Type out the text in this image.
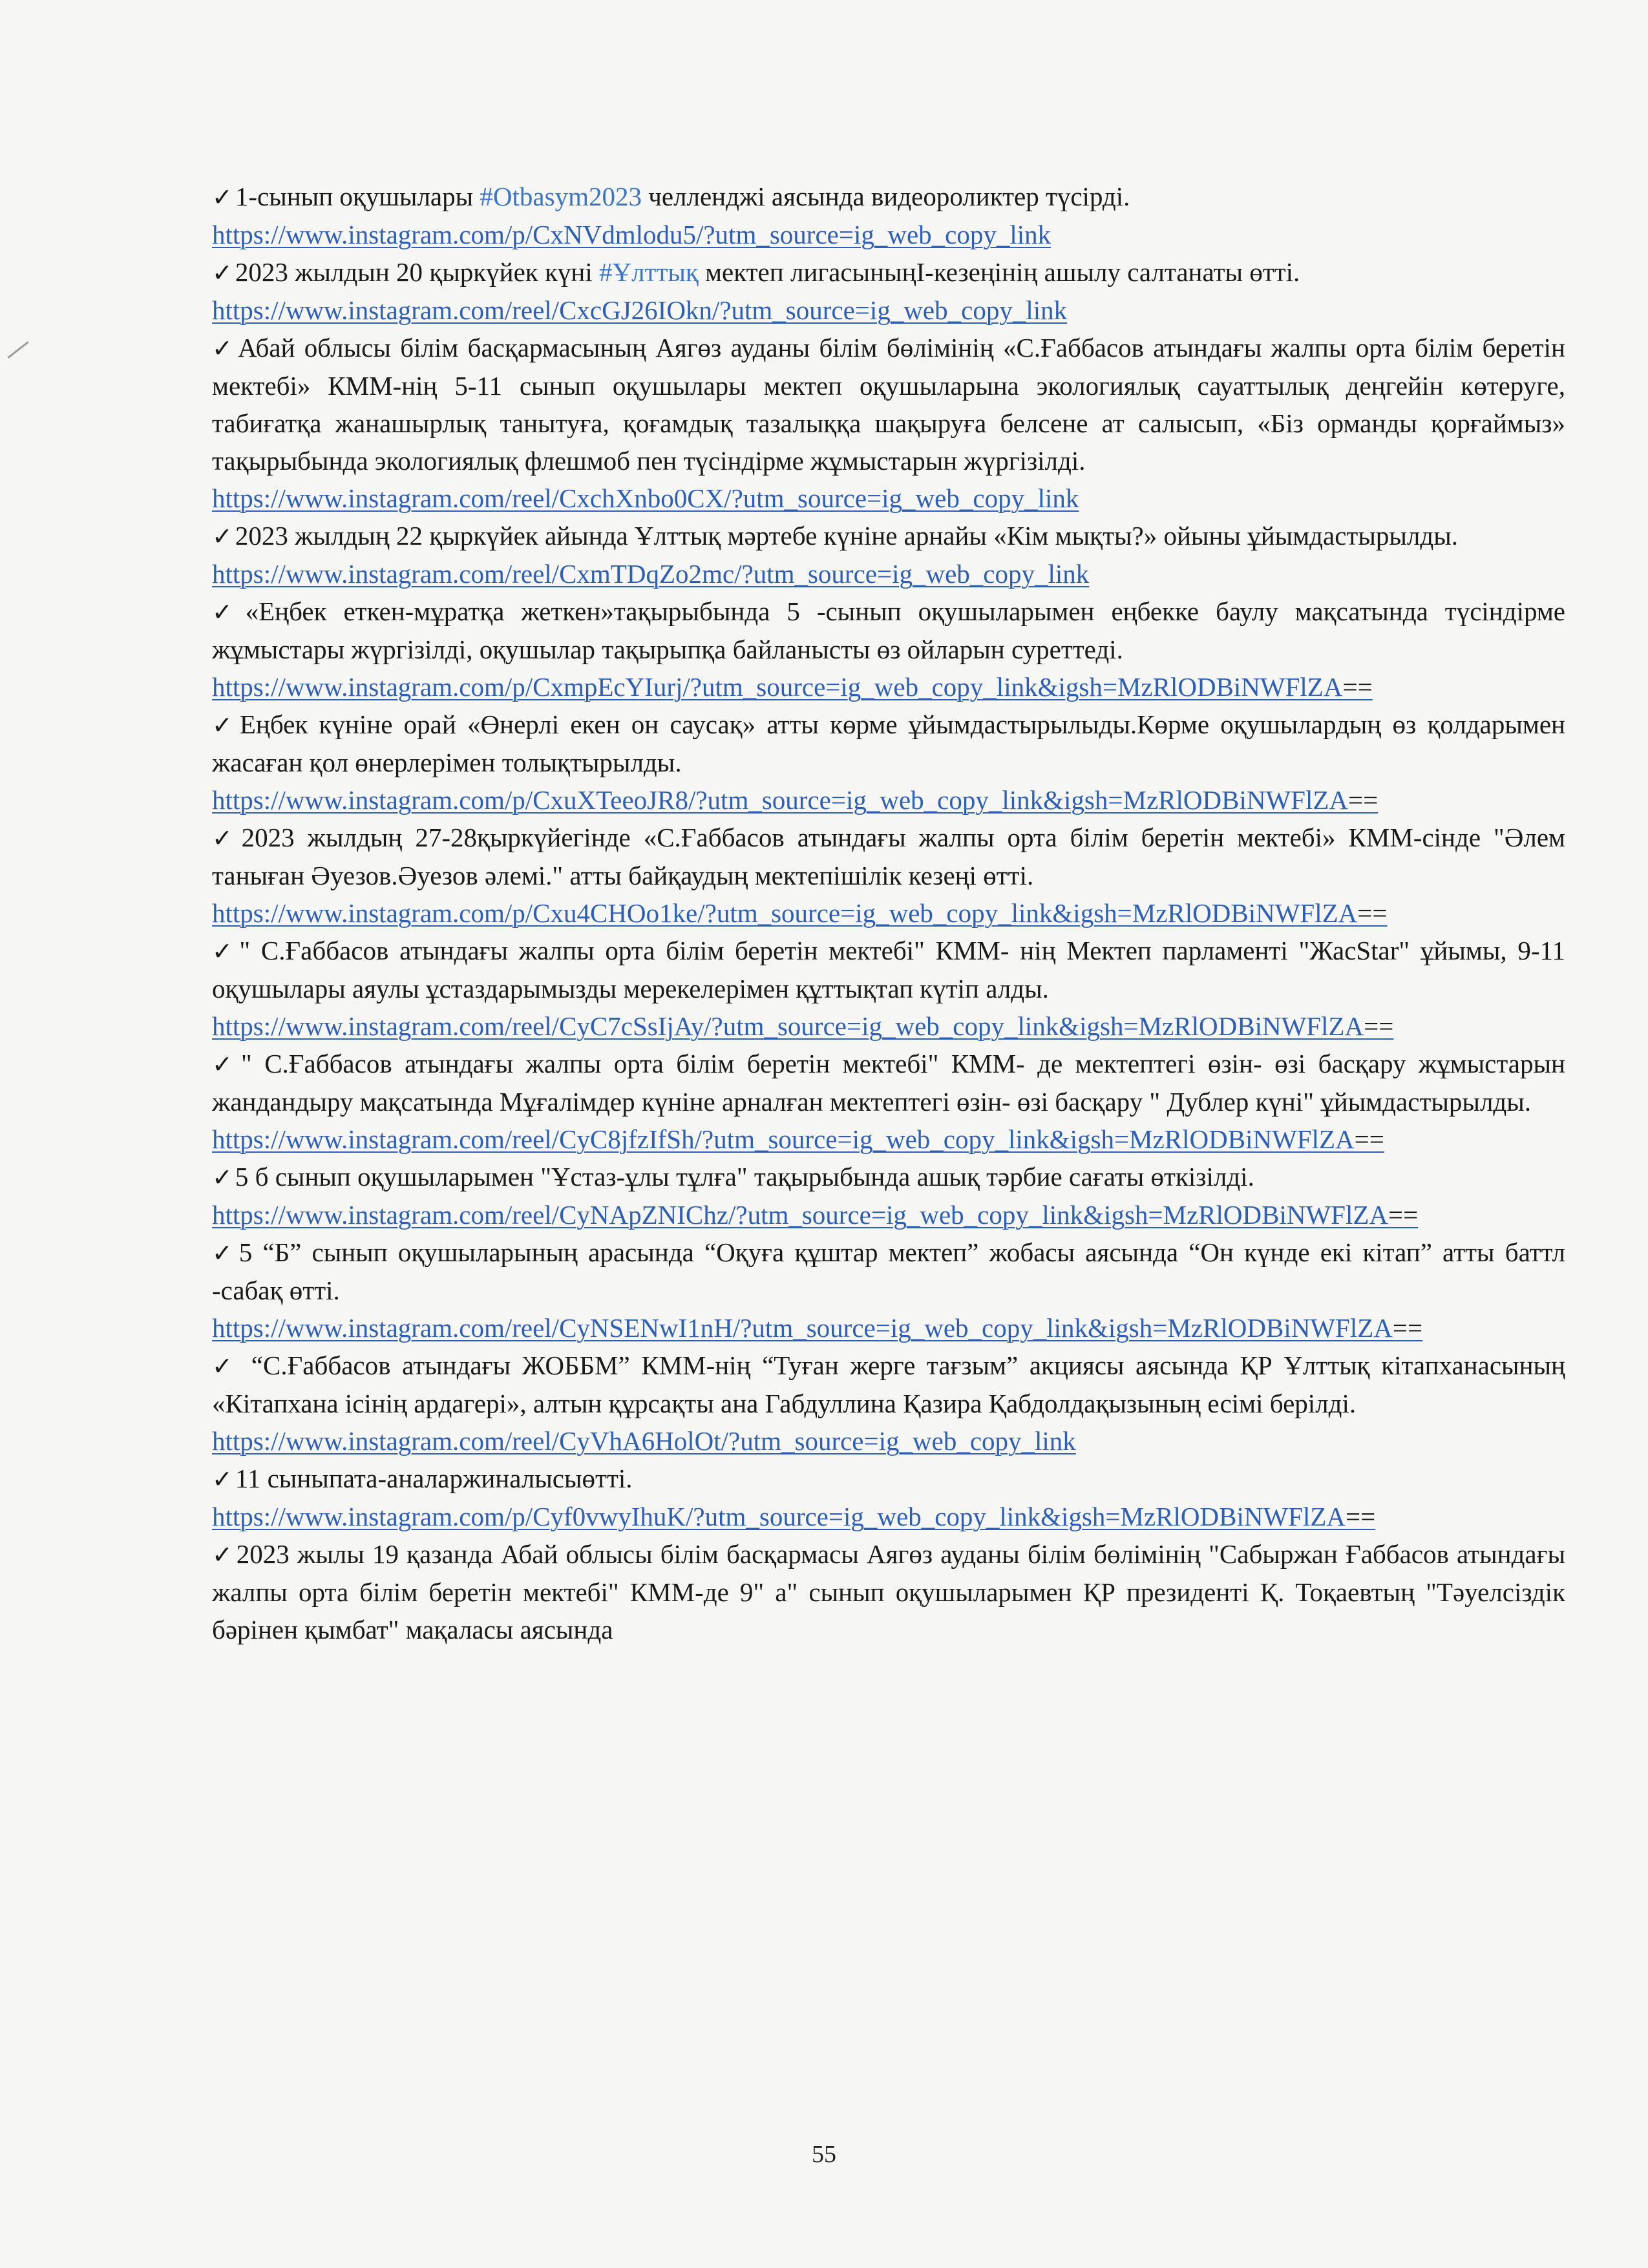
✓1-сынып оқушылары #Otbasym2023 челленджі аясында видеороликтер түсірді.

https://www.instagram.com/p/CxNVdmlodu5/?utm_source=ig_web_copy_link

✓2023 жылдын 20 қыркүйек күні #Ұлттық мектеп лигасыныңІ-кезеңінің ашылу салтанаты өтті.

https://www.instagram.com/reel/CxcGJ26IOkn/?utm_source=ig_web_copy_link

✓Абай облысы білім басқармасының Аягөз ауданы білім бөлімінің «С.Ғаббасов атындағы жалпы орта білім беретін мектебі» КММ-нің 5-11 сынып оқушылары мектеп оқушыларына экологиялық сауаттылық деңгейін көтеруге, табиғатқа жанашырлық танытуға, қоғамдық тазалыққа шақыруға белсене ат салысып, «Біз орманды қорғаймыз» тақырыбында экологиялық флешмоб пен түсіндірме жұмыстарын жүргізілді.

https://www.instagram.com/reel/CxchXnbo0CX/?utm_source=ig_web_copy_link

✓2023 жылдың 22 қыркүйек айында Ұлттық мәртебе күніне арнайы «Кім мықты?» ойыны ұйымдастырылды.

https://www.instagram.com/reel/CxmTDqZo2mc/?utm_source=ig_web_copy_link

✓«Еңбек еткен-мұратқа жеткен»тақырыбында 5 -сынып оқушыларымен еңбекке баулу мақсатында түсіндірме жұмыстары жүргізілді, оқушылар тақырыпқа байланысты өз ойларын суреттеді.

https://www.instagram.com/p/CxmpEcYIurj/?utm_source=ig_web_copy_link&igsh=MzRlODBiNWFlZA==

✓Еңбек күніне орай «Өнерлі екен он саусақ» атты көрме ұйымдастырылыды.Көрме оқушылардың өз қолдарымен жасаған қол өнерлерімен толықтырылды.

https://www.instagram.com/p/CxuXTeeoJR8/?utm_source=ig_web_copy_link&igsh=MzRlODBiNWFlZA==

✓2023 жылдың 27-28қыркүйегінде «С.Ғаббасов атындағы жалпы орта білім беретін мектебі» КММ-сінде "Әлем таныған Әуезов.Әуезов әлемі." атты байқаудың мектепішілік кезеңі өтті.

https://www.instagram.com/p/Cxu4CHOo1ke/?utm_source=ig_web_copy_link&igsh=MzRlODBiNWFlZA==

✓" С.Ғаббасов атындағы жалпы орта білім беретін мектебі" КММ- нің Мектеп парламенті "ЖасStar" ұйымы, 9-11 оқушылары аяулы ұстаздарымызды мерекелерімен құттықтап күтіп алды.

https://www.instagram.com/reel/CyC7cSsIjAy/?utm_source=ig_web_copy_link&igsh=MzRlODBiNWFlZA==

✓" С.Ғаббасов атындағы жалпы орта білім беретін мектебі" КММ- де мектептегі өзін- өзі басқару жұмыстарын жандандыру мақсатында Мұғалімдер күніне арналған мектептегі өзін- өзі басқару " Дублер күні" ұйымдастырылды.

https://www.instagram.com/reel/CyC8jfzIfSh/?utm_source=ig_web_copy_link&igsh=MzRlODBiNWFlZA==

✓5 б сынып оқушыларымен "Ұстаз-ұлы тұлға" тақырыбында ашық тәрбие сағаты өткізілді.

https://www.instagram.com/reel/CyNApZNIChz/?utm_source=ig_web_copy_link&igsh=MzRlODBiNWFlZA==

✓5 “Б” сынып оқушыларының арасында “Оқуға құштар мектеп” жобасы аясында “Он күнде екі кітап” атты баттл -сабақ өтті.

https://www.instagram.com/reel/CyNSENwI1nH/?utm_source=ig_web_copy_link&igsh=MzRlODBiNWFlZA==

✓ “С.Ғаббасов атындағы ЖОББМ” КММ-нің “Туған жерге тағзым” акциясы аясында ҚР Ұлттық кітапханасының «Кітапхана ісінің ардагері», алтын құрсақты ана Габдуллина Қазира Қабдолдақызының есімі берілді.

https://www.instagram.com/reel/CyVhA6HolOt/?utm_source=ig_web_copy_link

✓11 сыныпата-аналаржиналысыөтті.

https://www.instagram.com/p/Cyf0vwyIhuK/?utm_source=ig_web_copy_link&igsh=MzRlODBiNWFlZA==

✓2023 жылы 19 қазанда Абай облысы білім басқармасы Аягөз ауданы білім бөлімінің "Сабыржан Ғаббасов атындағы жалпы орта білім беретін мектебі" КММ-де 9" а" сынып оқушыларымен ҚР президенті Қ. Тоқаевтың "Тәуелсіздік бәрінен қымбат" мақаласы аясында

55
